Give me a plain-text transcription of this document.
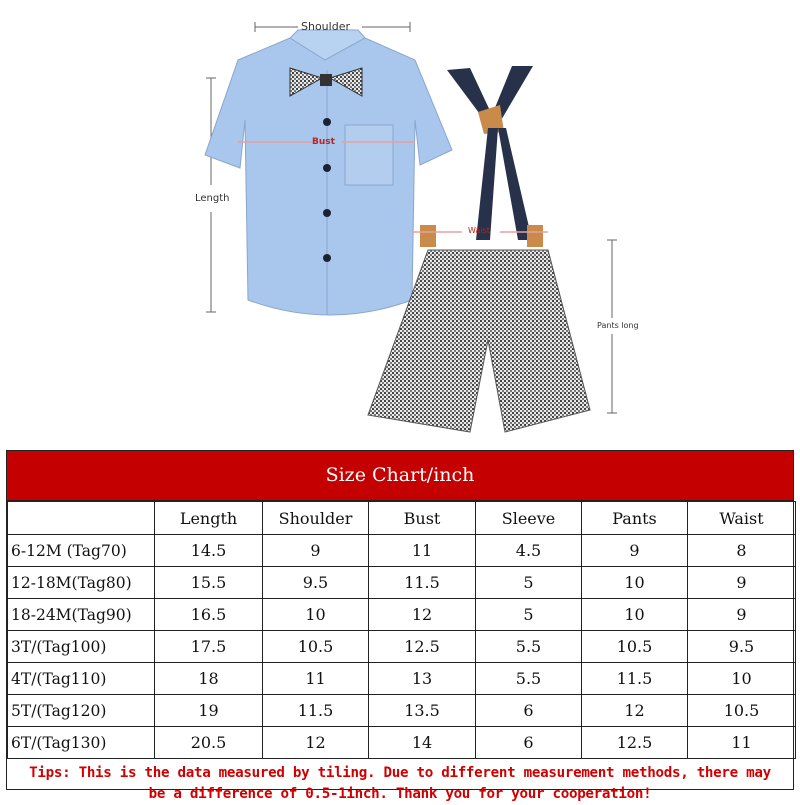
Shoulder
Bust
Length
Waist
Pants long
Size Chart/inch
	Length	Shoulder	Bust	Sleeve	Pants	Waist
6-12M (Tag70)	14.5	9	11	4.5	9	8
12-18M(Tag80)	15.5	9.5	11.5	5	10	9
18-24M(Tag90)	16.5	10	12	5	10	9
3T/(Tag100)	17.5	10.5	12.5	5.5	10.5	9.5
4T/(Tag110)	18	11	13	5.5	11.5	10
5T/(Tag120)	19	11.5	13.5	6	12	10.5
6T/(Tag130)	20.5	12	14	6	12.5	11
Tips: This is the data measured by tiling. Due to different measurement methods, there may
be a difference of 0.5-1inch. Thank you for your cooperation!
